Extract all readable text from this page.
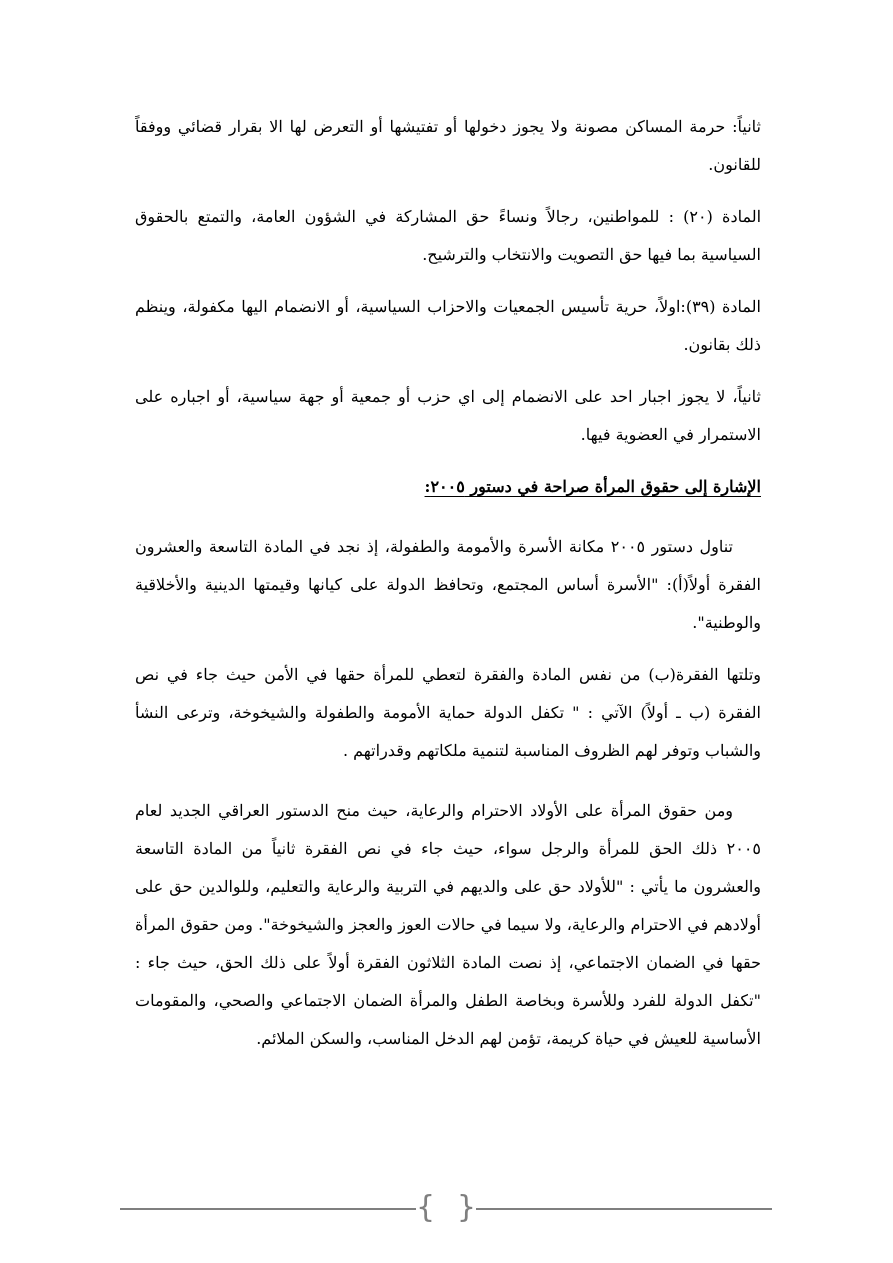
ثانياً: حرمة المساكن مصونة ولا يجوز دخولها أو تفتيشها أو التعرض لها الا بقرار قضائي ووفقاً للقانون.

المادة (٢٠) : للمواطنين، رجالاً ونساءً حق المشاركة في الشؤون العامة، والتمتع بالحقوق السياسية بما فيها حق التصويت والانتخاب والترشيح.

المادة (٣٩):اولاً، حرية تأسيس الجمعيات والاحزاب السياسية، أو الانضمام اليها مكفولة، وينظم ذلك بقانون.

ثانياً، لا يجوز اجبار احد على الانضمام إلى اي حزب أو جمعية أو جهة سياسية، أو اجباره على الاستمرار في العضوية فيها.

الإشارة إلى حقوق المرأة صراحة في دستور ٢٠٠٥:

تناول دستور ٢٠٠٥ مكانة الأسرة والأمومة والطفولة، إذ نجد في المادة التاسعة والعشرون الفقرة أولاً(أ): "الأسرة أساس المجتمع، وتحافظ الدولة على كيانها وقيمتها الدينية والأخلاقية والوطنية".

وتلتها الفقرة(ب) من نفس المادة والفقرة لتعطي للمرأة حقها في الأمن حيث جاء في نص الفقرة (ب ـ أولاً) الآتي : " تكفل الدولة حماية الأمومة والطفولة والشيخوخة، وترعى النشأ والشباب وتوفر لهم الظروف المناسبة لتنمية ملكاتهم وقدراتهم .

ومن حقوق المرأة على الأولاد الاحترام والرعاية، حيث منح الدستور العراقي الجديد لعام ٢٠٠٥ ذلك الحق للمرأة والرجل سواء، حيث جاء في نص الفقرة ثانياً من المادة التاسعة والعشرون ما يأتي : "للأولاد حق على والديهم في التربية والرعاية والتعليم، وللوالدين حق على أولادهم في الاحترام والرعاية، ولا سيما في حالات العوز والعجز والشيخوخة". ومن حقوق المرأة حقها في الضمان الاجتماعي، إذ نصت المادة الثلاثون الفقرة أولاً على ذلك الحق، حيث جاء : "تكفل الدولة للفرد وللأسرة وبخاصة الطفل والمرأة الضمان الاجتماعي والصحي، والمقومات الأساسية للعيش في حياة كريمة، تؤمن لهم الدخل المناسب، والسكن الملائم.

{ }
